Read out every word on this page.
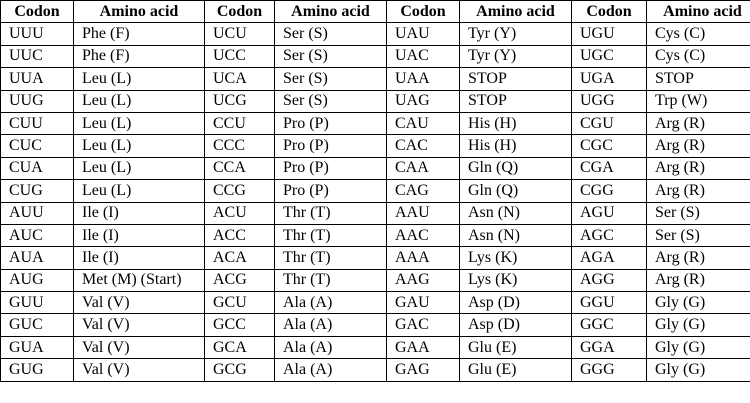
Codon	Amino acid	Codon	Amino acid	Codon	Amino acid	Codon	Amino acid
UUU	Phe (F)	UCU	Ser (S)	UAU	Tyr (Y)	UGU	Cys (C)
UUC	Phe (F)	UCC	Ser (S)	UAC	Tyr (Y)	UGC	Cys (C)
UUA	Leu (L)	UCA	Ser (S)	UAA	STOP	UGA	STOP
UUG	Leu (L)	UCG	Ser (S)	UAG	STOP	UGG	Trp (W)
CUU	Leu (L)	CCU	Pro (P)	CAU	His (H)	CGU	Arg (R)
CUC	Leu (L)	CCC	Pro (P)	CAC	His (H)	CGC	Arg (R)
CUA	Leu (L)	CCA	Pro (P)	CAA	Gln (Q)	CGA	Arg (R)
CUG	Leu (L)	CCG	Pro (P)	CAG	Gln (Q)	CGG	Arg (R)
AUU	Ile (I)	ACU	Thr (T)	AAU	Asn (N)	AGU	Ser (S)
AUC	Ile (I)	ACC	Thr (T)	AAC	Asn (N)	AGC	Ser (S)
AUA	Ile (I)	ACA	Thr (T)	AAA	Lys (K)	AGA	Arg (R)
AUG	Met (M) (Start)	ACG	Thr (T)	AAG	Lys (K)	AGG	Arg (R)
GUU	Val (V)	GCU	Ala (A)	GAU	Asp (D)	GGU	Gly (G)
GUC	Val (V)	GCC	Ala (A)	GAC	Asp (D)	GGC	Gly (G)
GUA	Val (V)	GCA	Ala (A)	GAA	Glu (E)	GGA	Gly (G)
GUG	Val (V)	GCG	Ala (A)	GAG	Glu (E)	GGG	Gly (G)
